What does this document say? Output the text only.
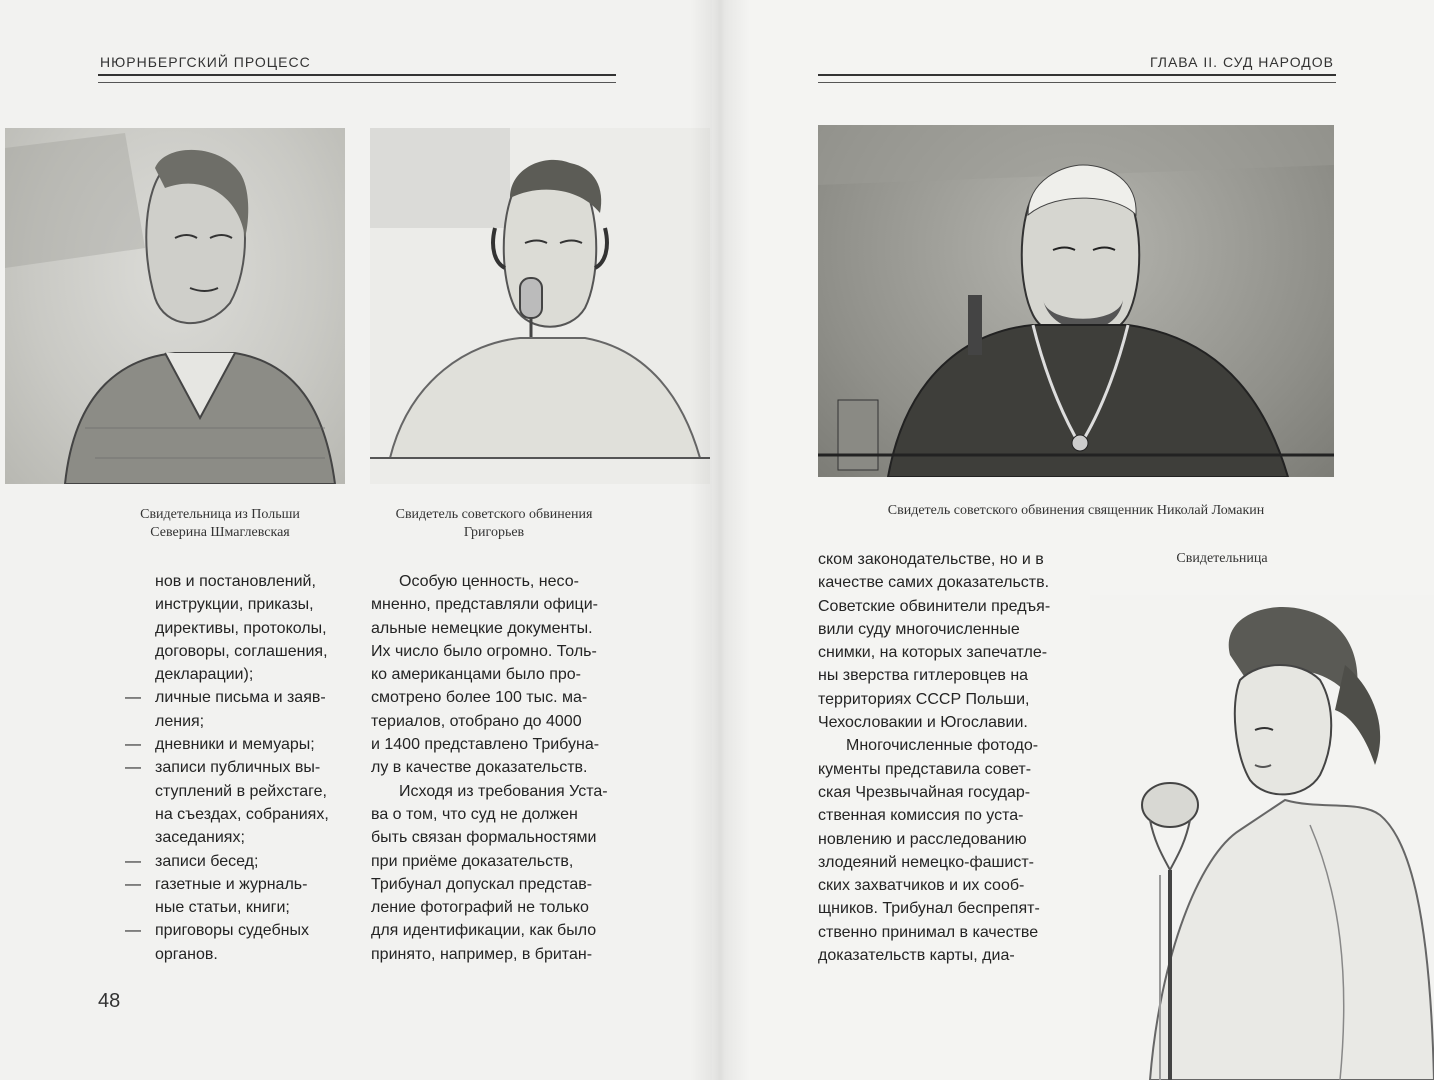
НЮРНБЕРГСКИЙ ПРОЦЕСС
Свидетельница из Польши
Северина Шмаглевская
Свидетель советского обвинения
Григорьев
нов и постановлений,
инструкции, приказы,
директивы, протоколы,
договоры, соглашения,
декларации);
— личные письма и заяв-
ления;
— дневники и мемуары;
— записи публичных вы-
ступлений в рейхстаге,
на съездах, собраниях,
заседаниях;
— записи бесед;
— газетные и журналь-
ные статьи, книги;
— приговоры судебных
органов.
Особую ценность, несо-
мненно, представляли офици-
альные немецкие документы.
Их число было огромно. Толь-
ко американцами было про-
смотрено более 100 тыс. ма-
териалов, отобрано до 4000
и 1400 представлено Трибуна-
лу в качестве доказательств.
Исходя из требования Уста-
ва о том, что суд не должен
быть связан формальностями
при приёме доказательств,
Трибунал допускал представ-
ление фотографий не только
для идентификации, как было
принято, например, в британ-
48
ГЛАВА II. СУД НАРОДОВ
Свидетель советского обвинения священник Николай Ломакин
ском законодательстве, но и в
качестве самих доказательств.
Советские обвинители предъя-
вили суду многочисленные
снимки, на которых запечатле-
ны зверства гитлеровцев на
территориях СССР Польши,
Чехословакии и Югославии.
Многочисленные фотодо-
кументы представила совет-
ская Чрезвычайная государ-
ственная комиссия по уста-
новлению и расследованию
злодеяний немецко-фашист-
ских захватчиков и их сооб-
щников. Трибунал беспрепят-
ственно принимал в качестве
доказательств карты, диа-
Свидетельница
